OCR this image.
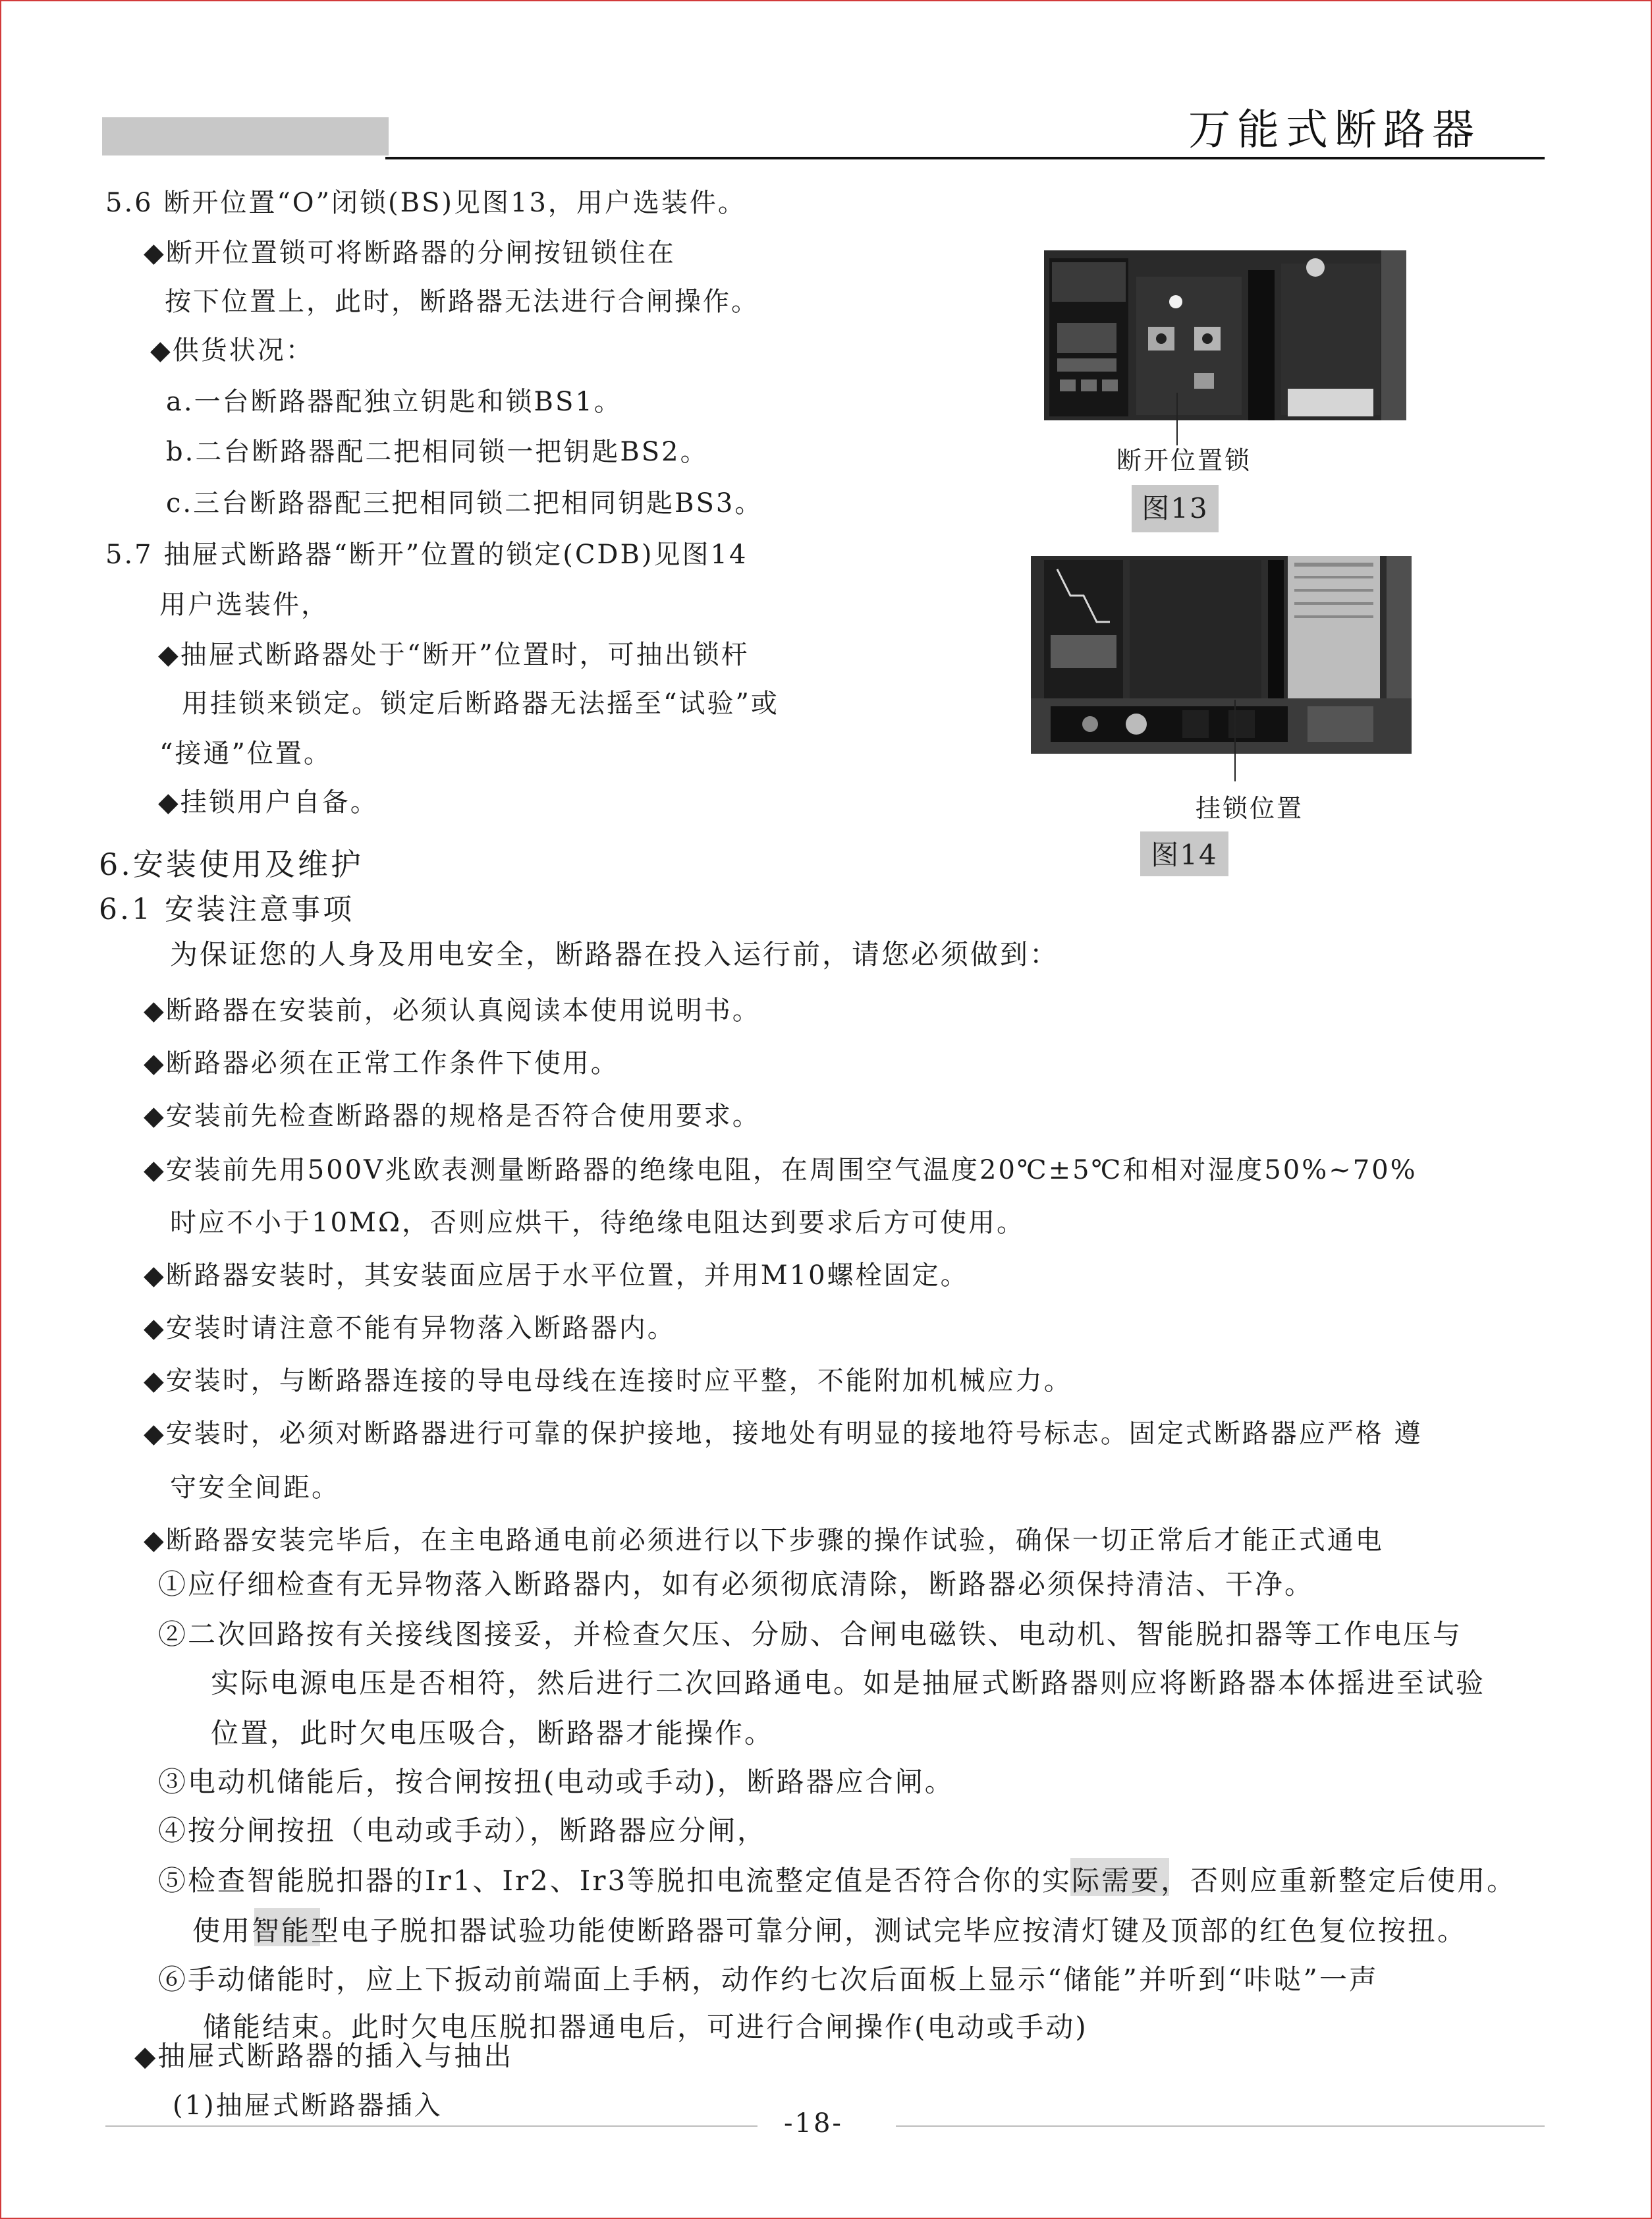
万能式断路器
5.6 断开位置“O”闭锁(BS)见图13，用户选装件。
◆断开位置锁可将断路器的分闸按钮锁住在
按下位置上，此时，断路器无法进行合闸操作。
◆供货状况：
a.一台断路器配独立钥匙和锁BS1。
b.二台断路器配二把相同锁一把钥匙BS2。
c.三台断路器配三把相同锁二把相同钥匙BS3。
5.7 抽屉式断路器“断开”位置的锁定(CDB)见图14
用户选装件，
◆抽屉式断路器处于“断开”位置时，可抽出锁杆
用挂锁来锁定。锁定后断路器无法摇至“试验”或
“接通”位置。
◆挂锁用户自备。
断开位置锁
图13
挂锁位置
图14
6.安装使用及维护
6.1 安装注意事项
为保证您的人身及用电安全，断路器在投入运行前，请您必须做到：
◆断路器在安装前，必须认真阅读本使用说明书。
◆断路器必须在正常工作条件下使用。
◆安装前先检查断路器的规格是否符合使用要求。
◆安装前先用500V兆欧表测量断路器的绝缘电阻，在周围空气温度20℃±5℃和相对湿度50%~70%
时应不小于10MΩ，否则应烘干，待绝缘电阻达到要求后方可使用。
◆断路器安装时，其安装面应居于水平位置，并用M10螺栓固定。
◆安装时请注意不能有异物落入断路器内。
◆安装时，与断路器连接的导电母线在连接时应平整，不能附加机械应力。
◆安装时，必须对断路器进行可靠的保护接地，接地处有明显的接地符号标志。固定式断路器应严格 遵
守安全间距。
◆断路器安装完毕后，在主电路通电前必须进行以下步骤的操作试验，确保一切正常后才能正式通电
①应仔细检查有无异物落入断路器内，如有必须彻底清除，断路器必须保持清洁、干净。
②二次回路按有关接线图接妥，并检查欠压、分励、合闸电磁铁、电动机、智能脱扣器等工作电压与
实际电源电压是否相符，然后进行二次回路通电。如是抽屉式断路器则应将断路器本体摇进至试验
位置，此时欠电压吸合，断路器才能操作。
③电动机储能后，按合闸按扭(电动或手动)，断路器应合闸。
④按分闸按扭（电动或手动），断路器应分闸，
⑤检查智能脱扣器的Ir1、Ir2、Ir3等脱扣电流整定值是否符合你的实际需要，否则应重新整定后使用。
使用智能型电子脱扣器试验功能使断路器可靠分闸，测试完毕应按清灯键及顶部的红色复位按扭。
⑥手动储能时，应上下扳动前端面上手柄，动作约七次后面板上显示“储能”并听到“咔哒”一声
储能结束。此时欠电压脱扣器通电后，可进行合闸操作(电动或手动)
◆抽屉式断路器的插入与抽出
(1)抽屉式断路器插入
-18-
